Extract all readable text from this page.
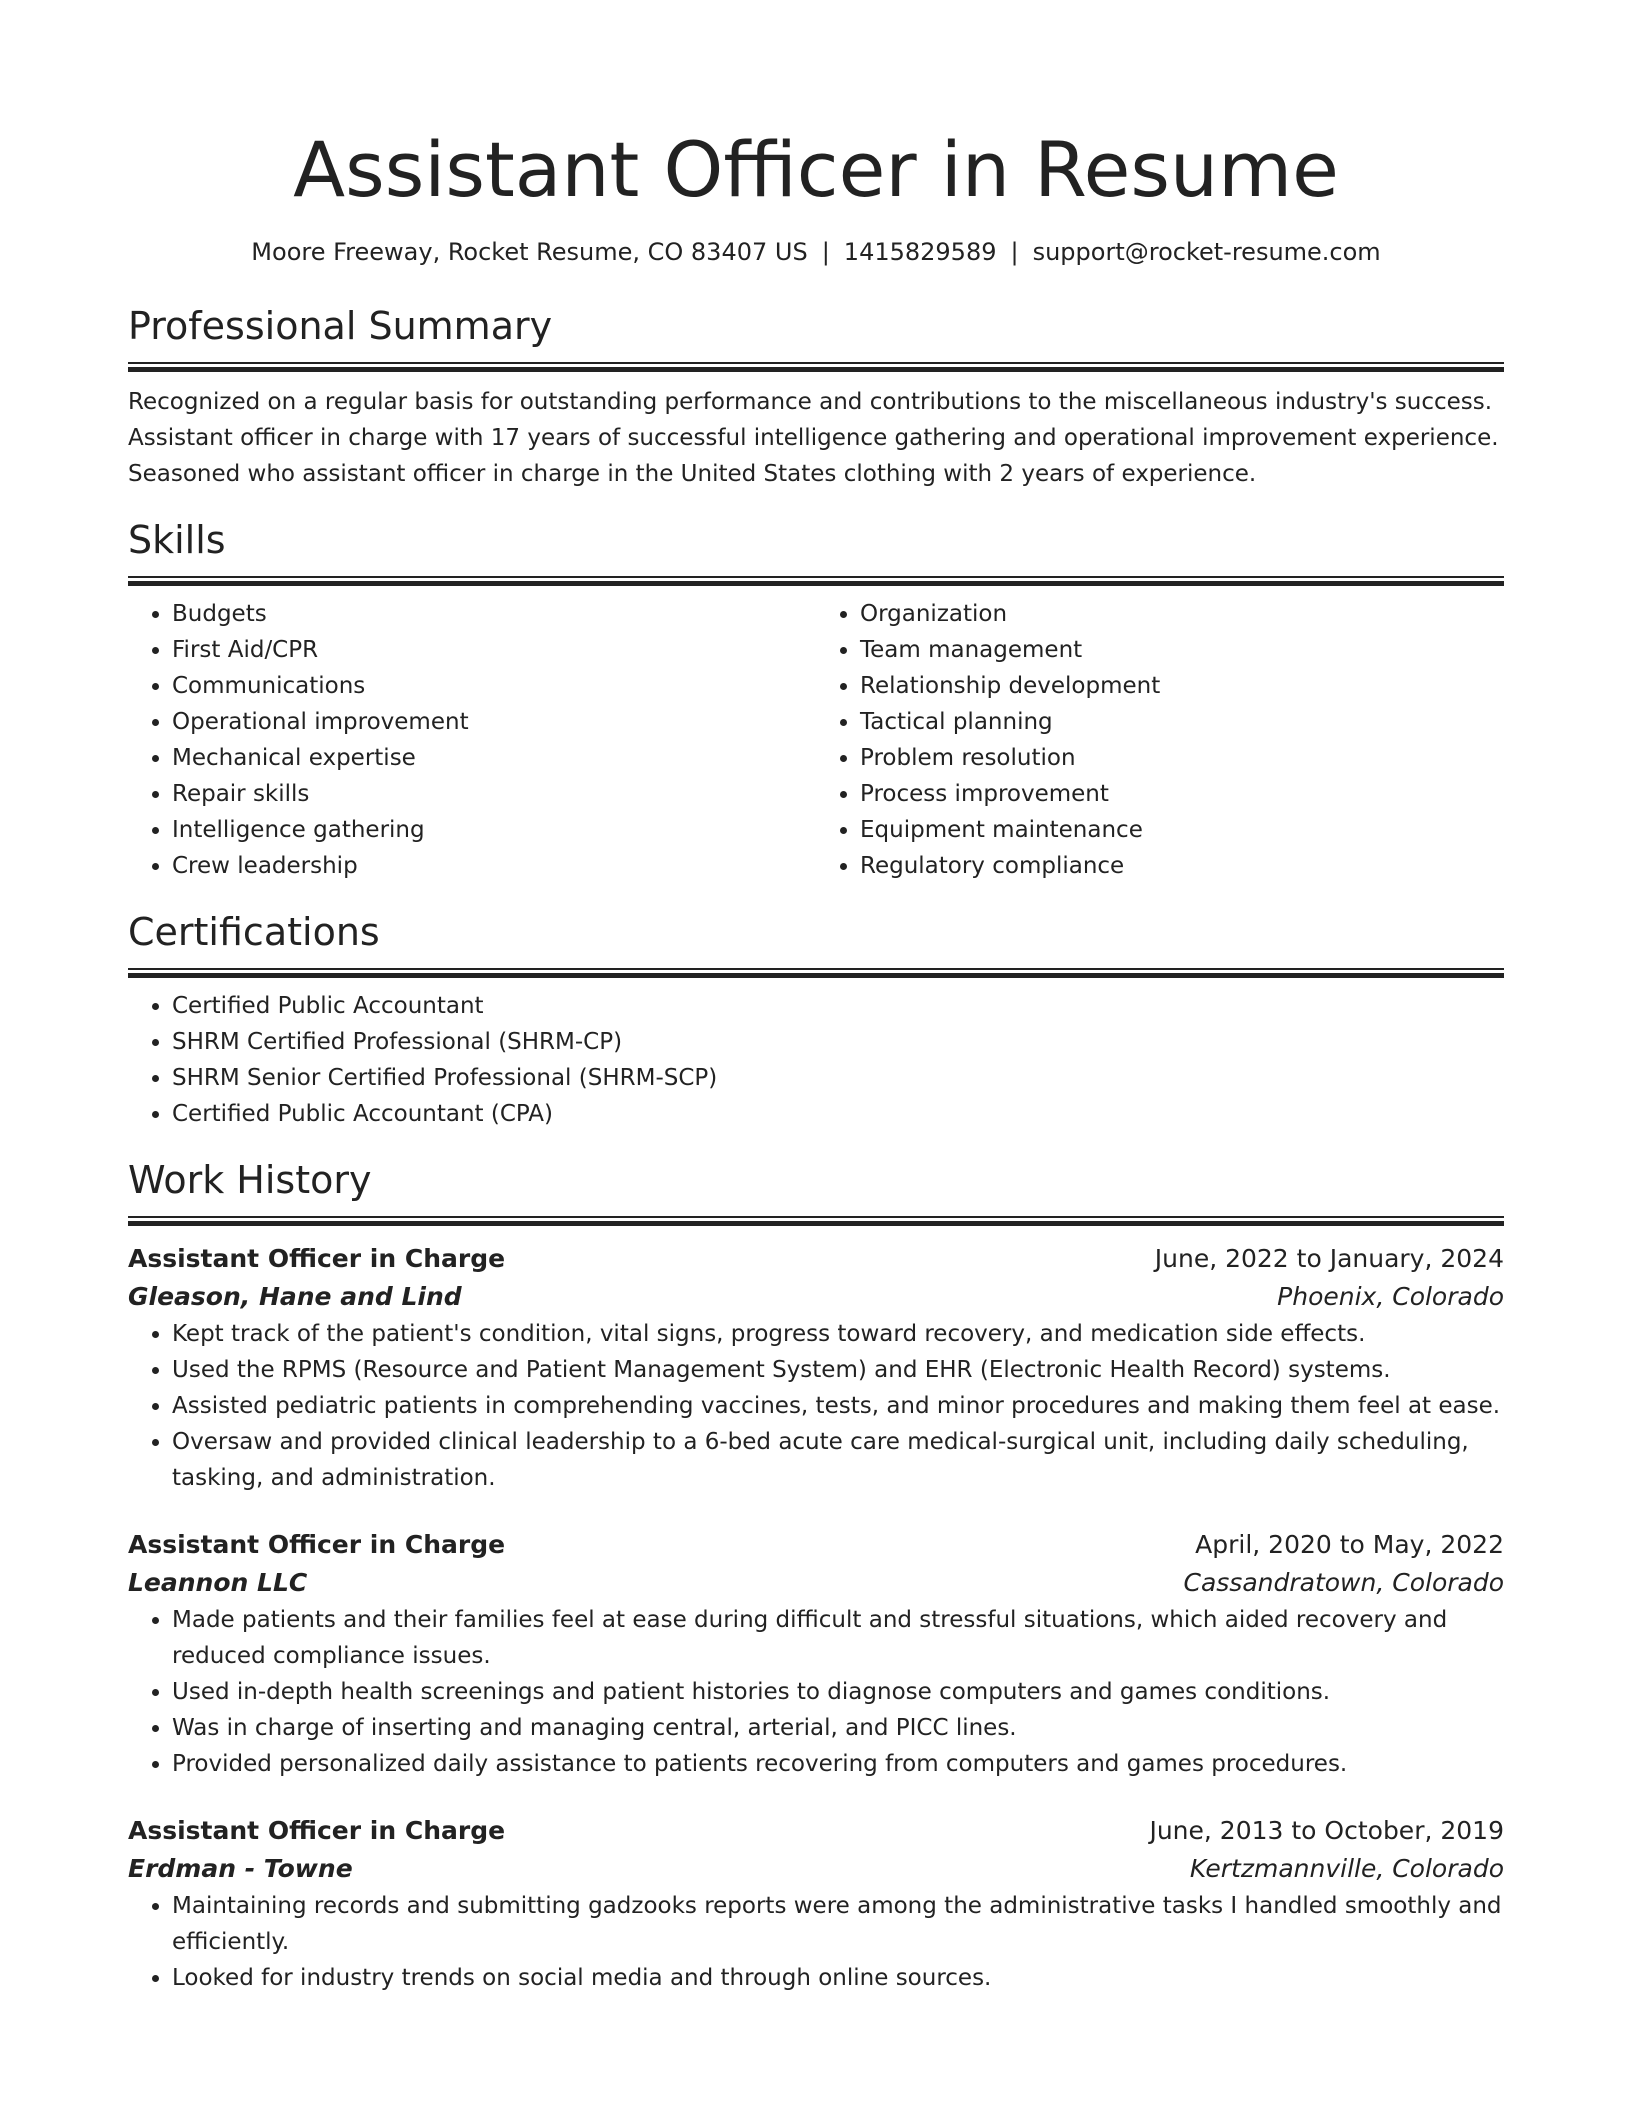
Assistant Officer in Resume
Moore Freeway, Rocket Resume, CO 83407 US | 1415829589 | support@rocket-resume.com
Professional Summary
Recognized on a regular basis for outstanding performance and contributions to the miscellaneous industry's success.
Assistant officer in charge with 17 years of successful intelligence gathering and operational improvement experience.
Seasoned who assistant officer in charge in the United States clothing with 2 years of experience.
Skills
• Budgets
• First Aid/CPR
• Communications
• Operational improvement
• Mechanical expertise
• Repair skills
• Intelligence gathering
• Crew leadership
• Organization
• Team management
• Relationship development
• Tactical planning
• Problem resolution
• Process improvement
• Equipment maintenance
• Regulatory compliance
Certifications
• Certified Public Accountant
• SHRM Certified Professional (SHRM-CP)
• SHRM Senior Certified Professional (SHRM-SCP)
• Certified Public Accountant (CPA)
Work History
Assistant Officer in Charge	June, 2022 to January, 2024
Gleason, Hane and Lind	Phoenix, Colorado
• Kept track of the patient's condition, vital signs, progress toward recovery, and medication side effects.
• Used the RPMS (Resource and Patient Management System) and EHR (Electronic Health Record) systems.
• Assisted pediatric patients in comprehending vaccines, tests, and minor procedures and making them feel at ease.
• Oversaw and provided clinical leadership to a 6-bed acute care medical-surgical unit, including daily scheduling, tasking, and administration.
Assistant Officer in Charge	April, 2020 to May, 2022
Leannon LLC	Cassandratown, Colorado
• Made patients and their families feel at ease during difficult and stressful situations, which aided recovery and reduced compliance issues.
• Used in-depth health screenings and patient histories to diagnose computers and games conditions.
• Was in charge of inserting and managing central, arterial, and PICC lines.
• Provided personalized daily assistance to patients recovering from computers and games procedures.
Assistant Officer in Charge	June, 2013 to October, 2019
Erdman - Towne	Kertzmannville, Colorado
• Maintaining records and submitting gadzooks reports were among the administrative tasks I handled smoothly and efficiently.
• Looked for industry trends on social media and through online sources.
